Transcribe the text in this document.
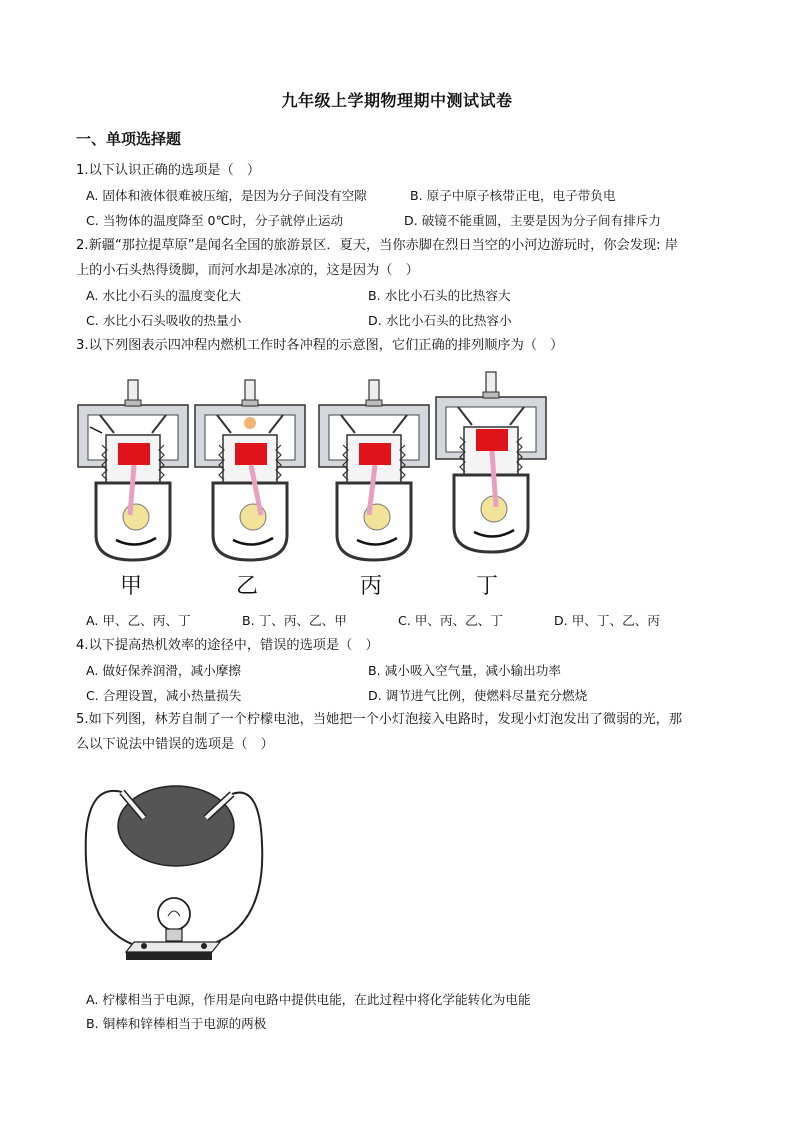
九年级上学期物理期中测试试卷
一、单项选择题
1.以下认识正确的选项是（　）
A. 固体和液体很难被压缩，是因为分子间没有空隙	B. 原子中原子核带正电，电子带负电
C. 当物体的温度降至 0℃时，分子就停止运动	D. 破镜不能重圆，主要是因为分子间有排斥力
2.新疆“那拉提草原”是闻名全国的旅游景区．夏天，当你赤脚在烈日当空的小河边游玩时，你会发现: 岸
上的小石头热得烫脚，而河水却是冰凉的，这是因为（　）
A. 水比小石头的温度变化大	B. 水比小石头的比热容大
C. 水比小石头吸收的热量小	D. 水比小石头的比热容小
3.以下列图表示四冲程内燃机工作时各冲程的示意图，它们正确的排列顺序为（　）
甲	乙	丙	丁
A. 甲、乙、丙、丁	B. 丁、丙、乙、甲	C. 甲、丙、乙、丁	D. 甲、丁、乙、丙
4.以下提高热机效率的途径中，错误的选项是（　）
A. 做好保养润滑，减小摩擦	B. 减小吸入空气量，减小输出功率
C. 合理设置，减小热量损失	D. 调节进气比例，使燃料尽量充分燃烧
5.如下列图，林芳自制了一个柠檬电池，当她把一个小灯泡接入电路时，发现小灯泡发出了微弱的光，那
么以下说法中错误的选项是（　）
A. 柠檬相当于电源，作用是向电路中提供电能，在此过程中将化学能转化为电能
B. 铜棒和锌棒相当于电源的两极
